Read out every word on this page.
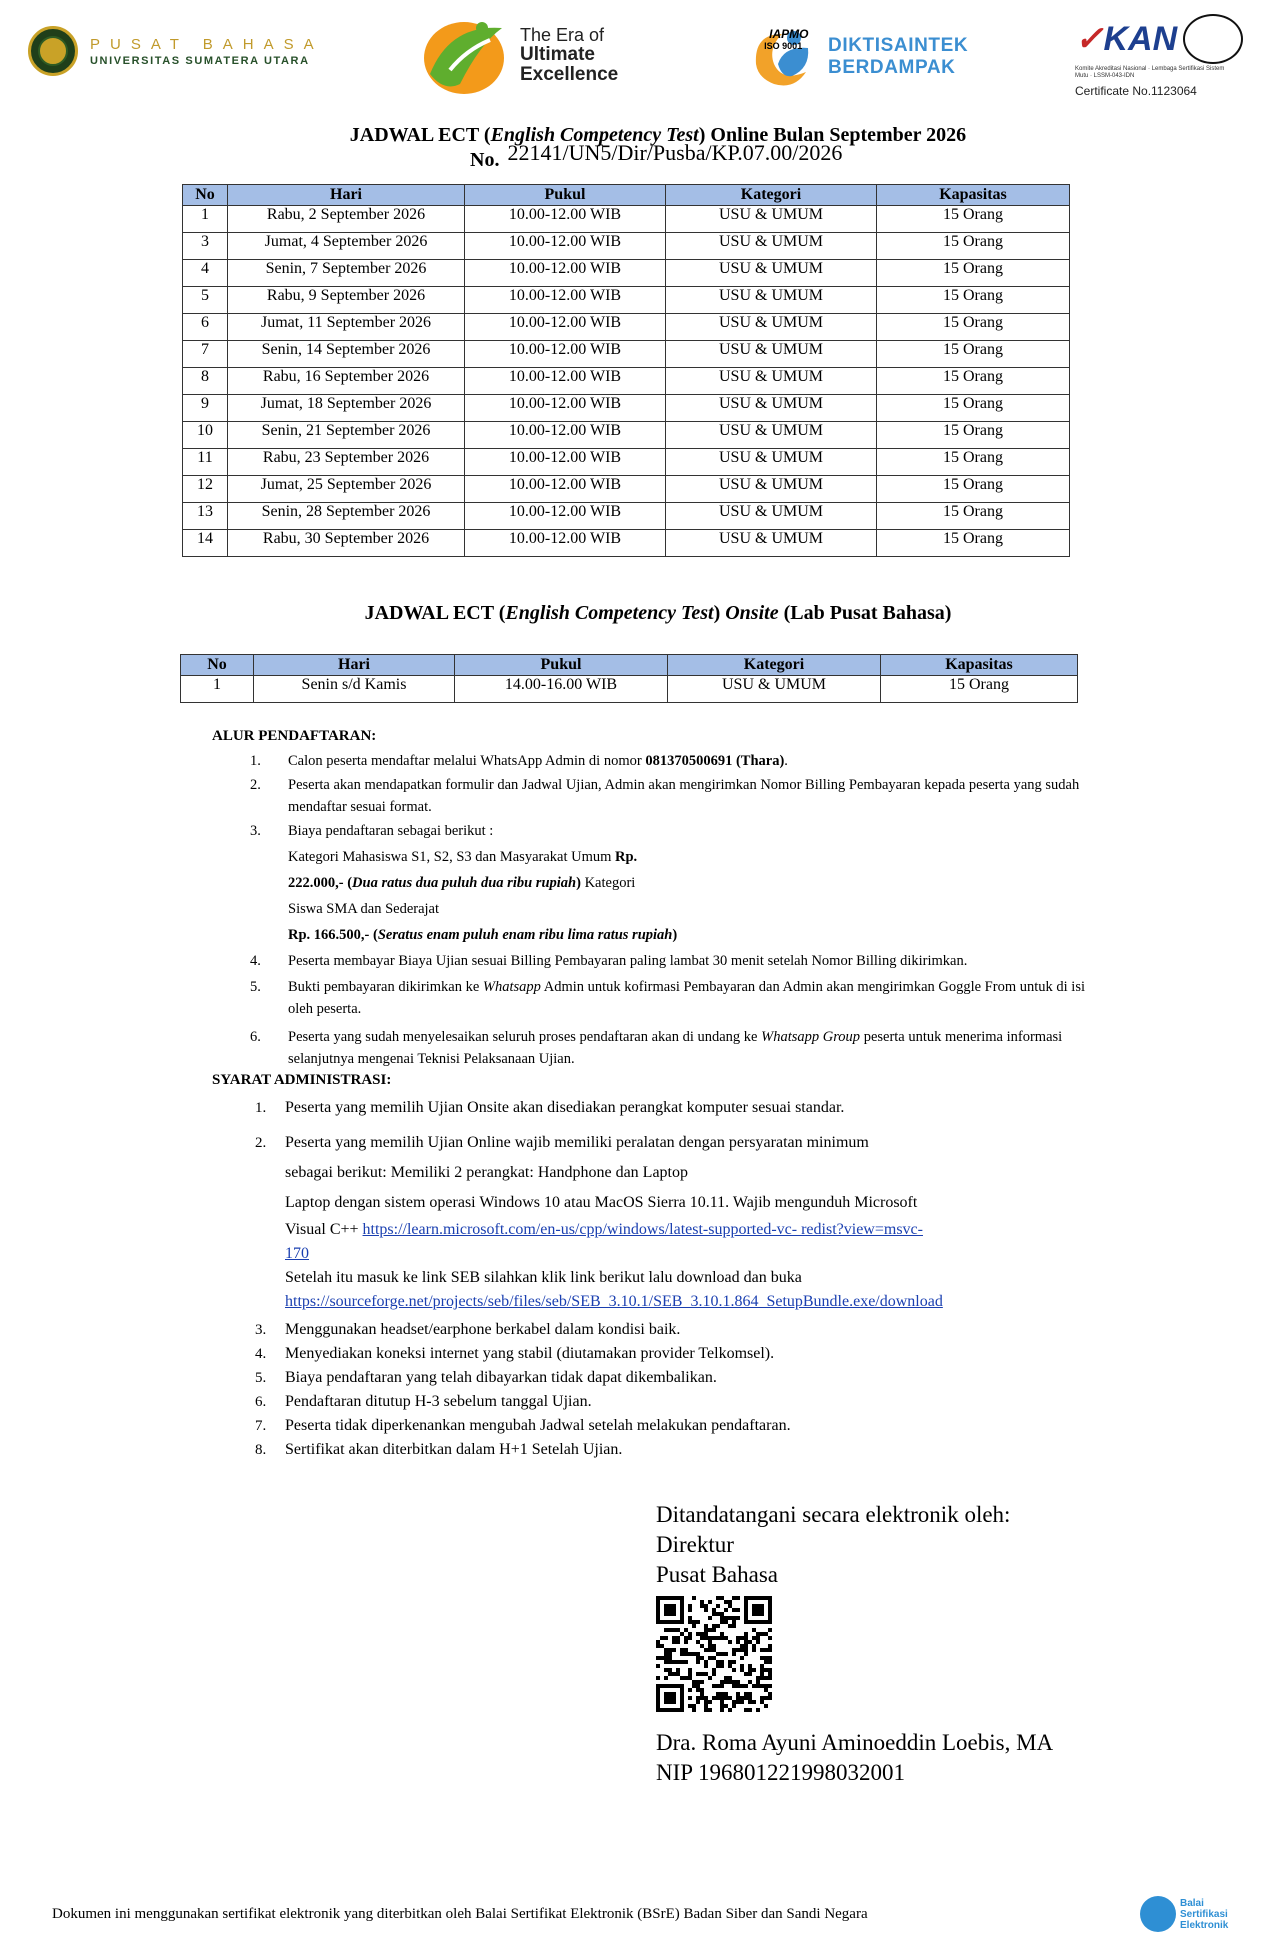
PUSAT BAHASA
UNIVERSITAS SUMATERA UTARA
The Era of
Ultimate
Excellence
DIKTISAINTEK
BERDAMPAK
✓KAN
IAPMO
ISO 9001
Komite Akreditasi Nasional · Lembaga Sertifikasi Sistem Mutu · LSSM-043-IDN
Certificate No.1123064
JADWAL ECT (English Competency Test) Online Bulan September 2026
No. 22141/UN5/Dir/Pusba/KP.07.00/2026
No	Hari	Pukul	Kategori	Kapasitas
1	Rabu, 2 September 2026	10.00-12.00 WIB	USU & UMUM	15 Orang
3	Jumat, 4 September 2026	10.00-12.00 WIB	USU & UMUM	15 Orang
4	Senin, 7 September 2026	10.00-12.00 WIB	USU & UMUM	15 Orang
5	Rabu, 9 September 2026	10.00-12.00 WIB	USU & UMUM	15 Orang
6	Jumat, 11 September 2026	10.00-12.00 WIB	USU & UMUM	15 Orang
7	Senin, 14 September 2026	10.00-12.00 WIB	USU & UMUM	15 Orang
8	Rabu, 16 September 2026	10.00-12.00 WIB	USU & UMUM	15 Orang
9	Jumat, 18 September 2026	10.00-12.00 WIB	USU & UMUM	15 Orang
10	Senin, 21 September 2026	10.00-12.00 WIB	USU & UMUM	15 Orang
11	Rabu, 23 September 2026	10.00-12.00 WIB	USU & UMUM	15 Orang
12	Jumat, 25 September 2026	10.00-12.00 WIB	USU & UMUM	15 Orang
13	Senin, 28 September 2026	10.00-12.00 WIB	USU & UMUM	15 Orang
14	Rabu, 30 September 2026	10.00-12.00 WIB	USU & UMUM	15 Orang
JADWAL ECT (English Competency Test) Onsite (Lab Pusat Bahasa)
No	Hari	Pukul	Kategori	Kapasitas
1	Senin s/d Kamis	14.00-16.00 WIB	USU & UMUM	15 Orang
ALUR PENDAFTARAN:
1. Calon peserta mendaftar melalui WhatsApp Admin di nomor 081370500691 (Thara).
2. Peserta akan mendapatkan formulir dan Jadwal Ujian, Admin akan mengirimkan Nomor Billing Pembayaran kepada peserta yang sudah mendaftar sesuai format.
3. Biaya pendaftaran sebagai berikut :
Kategori Mahasiswa S1, S2, S3 dan Masyarakat Umum Rp.
222.000,- (Dua ratus dua puluh dua ribu rupiah) Kategori
Siswa SMA dan Sederajat
Rp. 166.500,- (Seratus enam puluh enam ribu lima ratus rupiah)
4. Peserta membayar Biaya Ujian sesuai Billing Pembayaran paling lambat 30 menit setelah Nomor Billing dikirimkan.
5. Bukti pembayaran dikirimkan ke Whatsapp Admin untuk kofirmasi Pembayaran dan Admin akan mengirimkan Goggle From untuk di isi oleh peserta.
6. Peserta yang sudah menyelesaikan seluruh proses pendaftaran akan di undang ke Whatsapp Group peserta untuk menerima informasi selanjutnya mengenai Teknisi Pelaksanaan Ujian.
SYARAT ADMINISTRASI:
1. Peserta yang memilih Ujian Onsite akan disediakan perangkat komputer sesuai standar.
2. Peserta yang memilih Ujian Online wajib memiliki peralatan dengan persyaratan minimum
sebagai berikut: Memiliki 2 perangkat: Handphone dan Laptop
Laptop dengan sistem operasi Windows 10 atau MacOS Sierra 10.11. Wajib mengunduh Microsoft
Visual C++ https://learn.microsoft.com/en-us/cpp/windows/latest-supported-vc- redist?view=msvc-
170
Setelah itu masuk ke link SEB silahkan klik link berikut lalu download dan buka
https://sourceforge.net/projects/seb/files/seb/SEB_3.10.1/SEB_3.10.1.864_SetupBundle.exe/download
3. Menggunakan headset/earphone berkabel dalam kondisi baik.
4. Menyediakan koneksi internet yang stabil (diutamakan provider Telkomsel).
5. Biaya pendaftaran yang telah dibayarkan tidak dapat dikembalikan.
6. Pendaftaran ditutup H-3 sebelum tanggal Ujian.
7. Peserta tidak diperkenankan mengubah Jadwal setelah melakukan pendaftaran.
8. Sertifikat akan diterbitkan dalam H+1 Setelah Ujian.
Ditandatangani secara elektronik oleh:
Direktur
Pusat Bahasa
Dra. Roma Ayuni Aminoeddin Loebis, MA
NIP 196801221998032001
Dokumen ini menggunakan sertifikat elektronik yang diterbitkan oleh Balai Sertifikat Elektronik (BSrE) Badan Siber dan Sandi Negara
Balai
Sertifikasi
Elektronik
